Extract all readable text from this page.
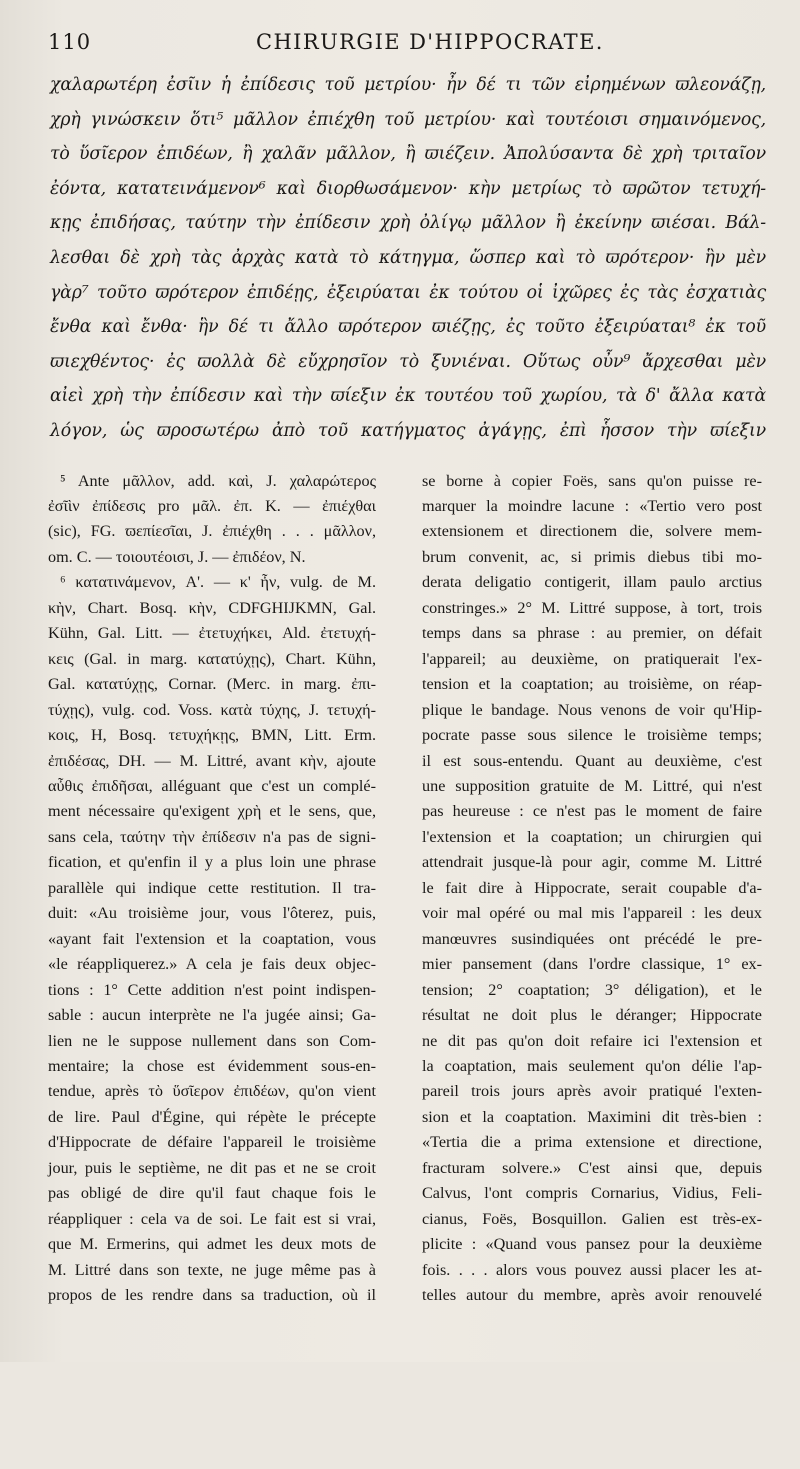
110	CHIRURGIE D'HIPPOCRATE.
χαλαρωτέρη ἐσῖιν ἡ ἐπίδεσις τοῦ μετρίου· ἦν δέ τι τῶν εἰρημένων ϖλεονάζῃ,
χρὴ γινώσκειν ὅτι⁵ μᾶλλον ἐπιέχθη τοῦ μετρίου· καὶ τουτέοισι σημαινόμενος,
τὸ ὕσῖερον ἐπιδέων, ἢ χαλᾶν μᾶλλον, ἢ ϖιέζειν. Ἀπολύσαντα δὲ χρὴ τριταῖον
ἐόντα, κατατεινάμενον⁶ καὶ διορθωσάμενον· κὴν μετρίως τὸ ϖρῶτον τετυχή-
κῃς ἐπιδήσας, ταύτην τὴν ἐπίδεσιν χρὴ ὀλίγῳ μᾶλλον ἢ ἐκείνην ϖιέσαι. Βάλ-
λεσθαι δὲ χρὴ τὰς ἀρχὰς κατὰ τὸ κάτηγμα, ὥσπερ καὶ τὸ ϖρότερον· ἣν μὲν
γὰρ⁷ τοῦτο ϖρότερον ἐπιδέῃς, ἐξειρύαται ἐκ τούτου οἱ ἰχῶρες ἐς τὰς ἐσχατιὰς
ἔνθα καὶ ἔνθα· ἣν δέ τι ἄλλο ϖρότερον ϖιέζῃς, ἐς τοῦτο ἐξειρύαται⁸ ἐκ τοῦ
ϖιεχθέντος· ἐς ϖολλὰ δὲ εὔχρησῖον τὸ ξυνιέναι. Οὕτως οὖν⁹ ἄρχεσθαι μὲν
αἰεὶ χρὴ τὴν ἐπίδεσιν καὶ τὴν ϖίεξιν ἐκ τουτέου τοῦ χωρίου, τὰ δ' ἄλλα κατὰ
λόγον, ὡς ϖροσωτέρω ἀπὸ τοῦ κατήγματος ἀγάγῃς, ἐπὶ ἧσσον τὴν ϖίεξιν
⁵ Ante μᾶλλον, add. καὶ, J. χαλαρώτερος
ἐσῖὶν ἐπίδεσις pro μᾶλ. ἐπ. K. — ἐπιέχθαι
(sic), FG. ϖεπίεσῖαι, J. ἐπιέχθη . . . μᾶλλον,
om. C. — τοιουτέοισι, J. — ἐπιδέον, N.
⁶ κατατινάμενον, A'. — κ' ἦν, vulg. de M.
κὴν, Chart. Bosq. κὴν, CDFGHIJKMN, Gal.
Kühn, Gal. Litt. — ἐτετυχήκει, Ald. ἐτετυχή-
κεις (Gal. in marg. κατατύχῃς), Chart. Kühn,
Gal. κατατύχῃς, Cornar. (Merc. in marg. ἐπι-
τύχῃς), vulg. cod. Voss. κατὰ τύχης, J. τετυχή-
κοις, H, Bosq. τετυχήκῃς, BMN, Litt. Erm.
ἐπιδέσας, DH. — M. Littré, avant κὴν, ajoute
αὖθις ἐπιδῆσαι, alléguant que c'est un complé-
ment nécessaire qu'exigent χρὴ et le sens, que,
sans cela, ταύτην τὴν ἐπίδεσιν n'a pas de signi-
fication, et qu'enfin il y a plus loin une phrase
parallèle qui indique cette restitution. Il tra-
duit: «Au troisième jour, vous l'ôterez, puis,
«ayant fait l'extension et la coaptation, vous
«le réappliquerez.» A cela je fais deux objec-
tions : 1° Cette addition n'est point indispen-
sable : aucun interprète ne l'a jugée ainsi; Ga-
lien ne le suppose nullement dans son Com-
mentaire; la chose est évidemment sous-en-
tendue, après τὸ ὕσῖερον ἐπιδέων, qu'on vient
de lire. Paul d'Égine, qui répète le précepte
d'Hippocrate de défaire l'appareil le troisième
jour, puis le septième, ne dit pas et ne se croit
pas obligé de dire qu'il faut chaque fois le
réappliquer : cela va de soi. Le fait est si vrai,
que M. Ermerins, qui admet les deux mots de
M. Littré dans son texte, ne juge même pas à
propos de les rendre dans sa traduction, où il
se borne à copier Foës, sans qu'on puisse re-
marquer la moindre lacune : «Tertio vero post
extensionem et directionem die, solvere mem-
brum convenit, ac, si primis diebus tibi mo-
derata deligatio contigerit, illam paulo arctius
constringes.» 2° M. Littré suppose, à tort, trois
temps dans sa phrase : au premier, on défait
l'appareil; au deuxième, on pratiquerait l'ex-
tension et la coaptation; au troisième, on réap-
plique le bandage. Nous venons de voir qu'Hip-
pocrate passe sous silence le troisième temps;
il est sous-entendu. Quant au deuxième, c'est
une supposition gratuite de M. Littré, qui n'est
pas heureuse : ce n'est pas le moment de faire
l'extension et la coaptation; un chirurgien qui
attendrait jusque-là pour agir, comme M. Littré
le fait dire à Hippocrate, serait coupable d'a-
voir mal opéré ou mal mis l'appareil : les deux
manœuvres susindiquées ont précédé le pre-
mier pansement (dans l'ordre classique, 1° ex-
tension; 2° coaptation; 3° déligation), et le
résultat ne doit plus le déranger; Hippocrate
ne dit pas qu'on doit refaire ici l'extension et
la coaptation, mais seulement qu'on délie l'ap-
pareil trois jours après avoir pratiqué l'exten-
sion et la coaptation. Maximini dit très-bien :
«Tertia die a prima extensione et directione,
fracturam solvere.» C'est ainsi que, depuis
Calvus, l'ont compris Cornarius, Vidius, Feli-
cianus, Foës, Bosquillon. Galien est très-ex-
plicite : «Quand vous pansez pour la deuxième
fois. . . . alors vous pouvez aussi placer les at-
telles autour du membre, après avoir renouvelé
